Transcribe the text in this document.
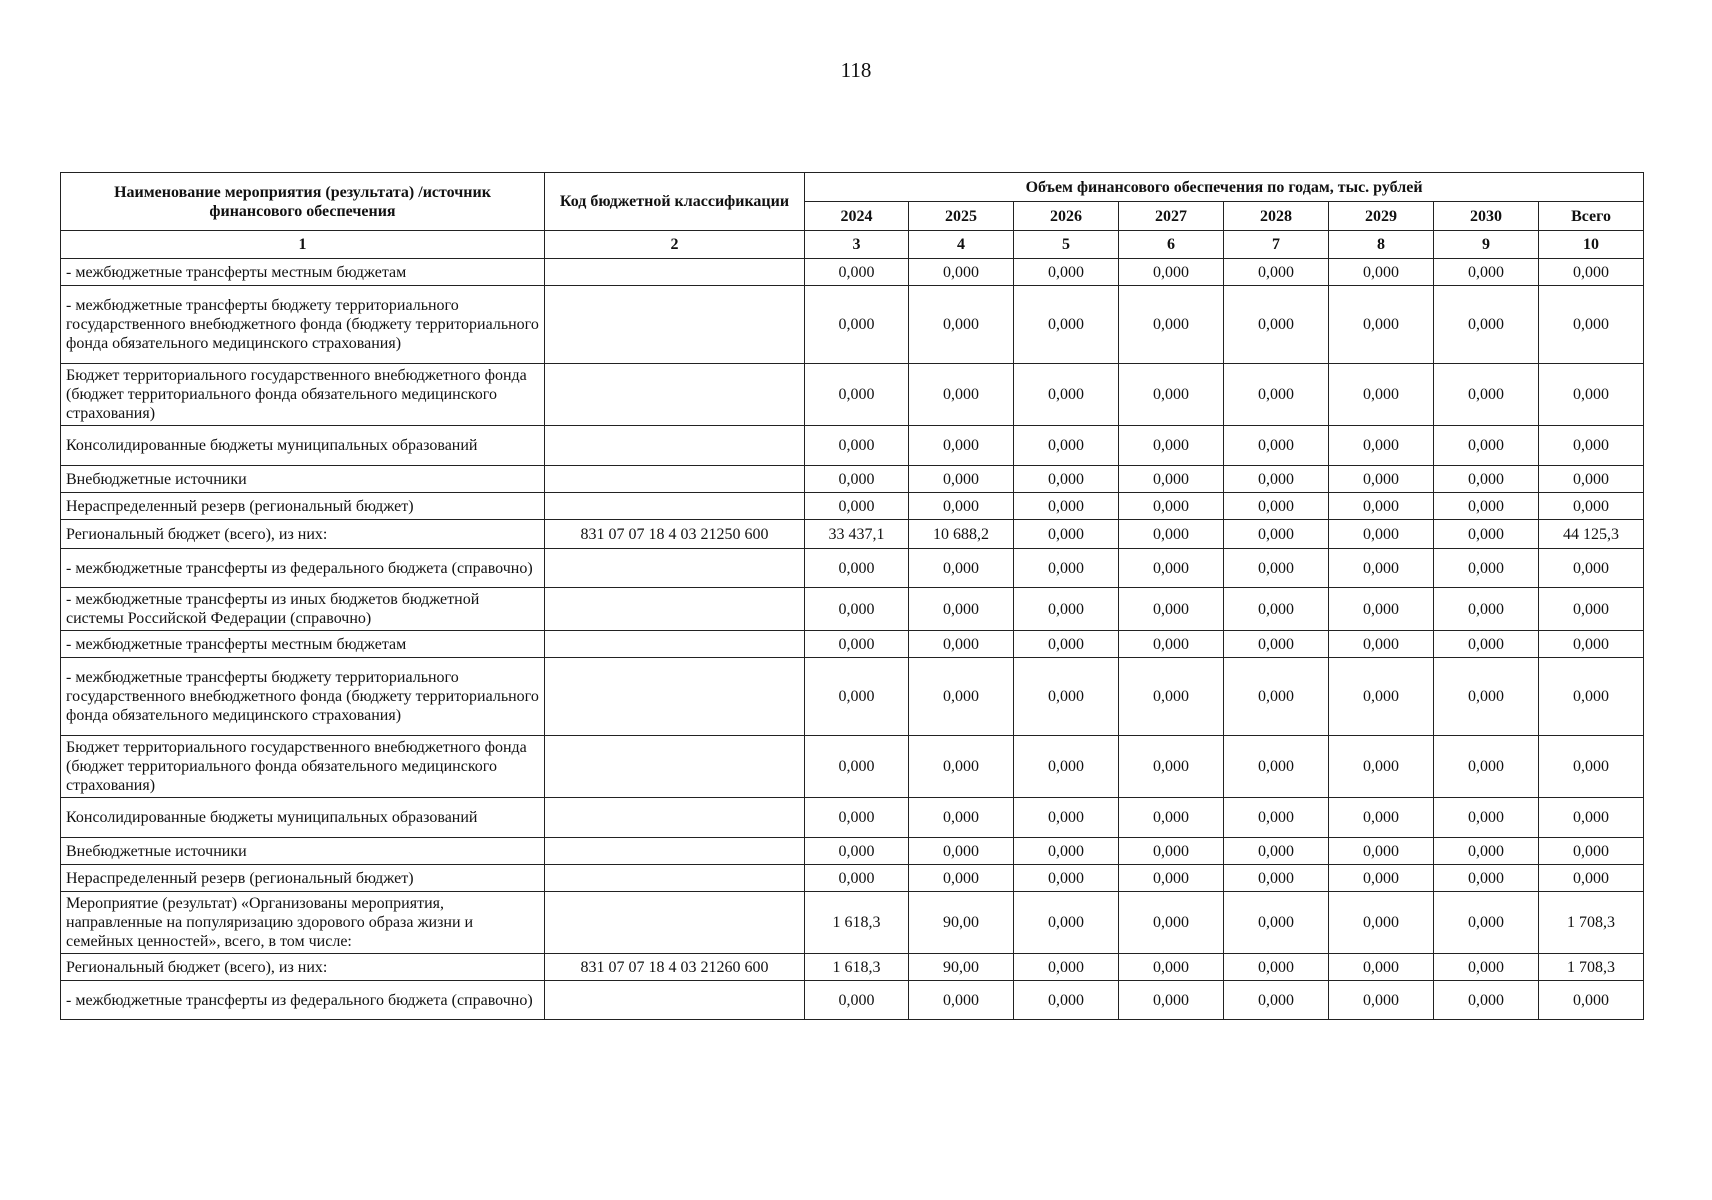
118
Наименование мероприятия (результата) /источник финансового обеспечения	Код бюджетной классификации	Объем финансового обеспечения по годам, тыс. рублей							
		2024	2025	2026	2027	2028	2029	2030	Всего
1	2	3	4	5	6	7	8	9	10
- межбюджетные трансферты местным бюджетам		0,000	0,000	0,000	0,000	0,000	0,000	0,000	0,000
- межбюджетные трансферты бюджету территориального государственного внебюджетного фонда (бюджету территориального фонда обязательного медицинского страхования)		0,000	0,000	0,000	0,000	0,000	0,000	0,000	0,000
Бюджет территориального государственного внебюджетного фонда (бюджет территориального фонда обязательного медицинского страхования)		0,000	0,000	0,000	0,000	0,000	0,000	0,000	0,000
Консолидированные бюджеты муниципальных образований		0,000	0,000	0,000	0,000	0,000	0,000	0,000	0,000
Внебюджетные источники		0,000	0,000	0,000	0,000	0,000	0,000	0,000	0,000
Нераспределенный резерв (региональный бюджет)		0,000	0,000	0,000	0,000	0,000	0,000	0,000	0,000
Региональный бюджет (всего), из них:	831 07 07 18 4 03 21250 600	33 437,1	10 688,2	0,000	0,000	0,000	0,000	0,000	44 125,3
- межбюджетные трансферты из федерального бюджета (справочно)		0,000	0,000	0,000	0,000	0,000	0,000	0,000	0,000
- межбюджетные трансферты из иных бюджетов бюджетной системы Российской Федерации (справочно)		0,000	0,000	0,000	0,000	0,000	0,000	0,000	0,000
- межбюджетные трансферты местным бюджетам		0,000	0,000	0,000	0,000	0,000	0,000	0,000	0,000
- межбюджетные трансферты бюджету территориального государственного внебюджетного фонда (бюджету территориального фонда обязательного медицинского страхования)		0,000	0,000	0,000	0,000	0,000	0,000	0,000	0,000
Бюджет территориального государственного внебюджетного фонда (бюджет территориального фонда обязательного медицинского страхования)		0,000	0,000	0,000	0,000	0,000	0,000	0,000	0,000
Консолидированные бюджеты муниципальных образований		0,000	0,000	0,000	0,000	0,000	0,000	0,000	0,000
Внебюджетные источники		0,000	0,000	0,000	0,000	0,000	0,000	0,000	0,000
Нераспределенный резерв (региональный бюджет)		0,000	0,000	0,000	0,000	0,000	0,000	0,000	0,000
Мероприятие (результат) «Организованы мероприятия, направленные на популяризацию здорового образа жизни и семейных ценностей», всего, в том числе:		1 618,3	90,00	0,000	0,000	0,000	0,000	0,000	1 708,3
Региональный бюджет (всего), из них:	831 07 07 18 4 03 21260 600	1 618,3	90,00	0,000	0,000	0,000	0,000	0,000	1 708,3
- межбюджетные трансферты из федерального бюджета (справочно)		0,000	0,000	0,000	0,000	0,000	0,000	0,000	0,000
